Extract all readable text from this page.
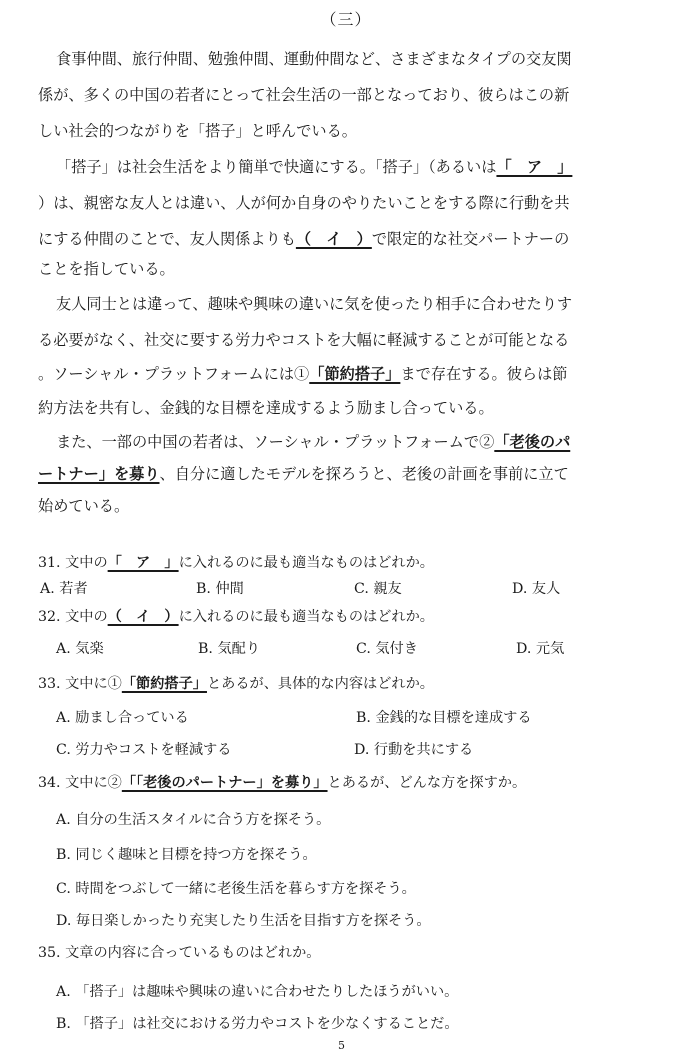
（三）
食事仲間、旅行仲間、勉強仲間、運動仲間など、さまざまなタイプの交友関
係が、多くの中国の若者にとって社会生活の一部となっており、彼らはこの新
しい社会的つながりを「搭子」と呼んでいる。
「搭子」は社会生活をより簡単で快適にする。「搭子」（あるいは「　ア　」
）は、親密な友人とは違い、人が何か自身のやりたいことをする際に行動を共
にする仲間のことで、友人関係よりも（　イ　）で限定的な社交パートナーの
ことを指している。
友人同士とは違って、趣味や興味の違いに気を使ったり相手に合わせたりす
る必要がなく、社交に要する労力やコストを大幅に軽減することが可能となる
。ソーシャル・プラットフォームには①「節約搭子」まで存在する。彼らは節
約方法を共有し、金銭的な目標を達成するよう励まし合っている。
また、一部の中国の若者は、ソーシャル・プラットフォームで②「老後のパ
ートナー」を募り、自分に適したモデルを探ろうと、老後の計画を事前に立て
始めている。
31. 文中の「　ア　」に入れるのに最も適当なものはどれか。
A. 若者	B. 仲間	C. 親友	D. 友人
32. 文中の（　イ　）に入れるのに最も適当なものはどれか。
A. 気楽	B. 気配り	C. 気付き	D. 元気
33. 文中に①「節約搭子」とあるが、具体的な内容はどれか。
A. 励まし合っている	B. 金銭的な目標を達成する
C. 労力やコストを軽減する	D. 行動を共にする
34. 文中に②「「老後のパートナー」を募り」とあるが、どんな方を探すか。
A. 自分の生活スタイルに合う方を探そう。
B. 同じく趣味と目標を持つ方を探そう。
C. 時間をつぶして一緒に老後生活を暮らす方を探そう。
D. 毎日楽しかったり充実したり生活を目指す方を探そう。
35. 文章の内容に合っているものはどれか。
A. 「搭子」は趣味や興味の違いに合わせたりしたほうがいい。
B. 「搭子」は社交における労力やコストを少なくすることだ。
5
